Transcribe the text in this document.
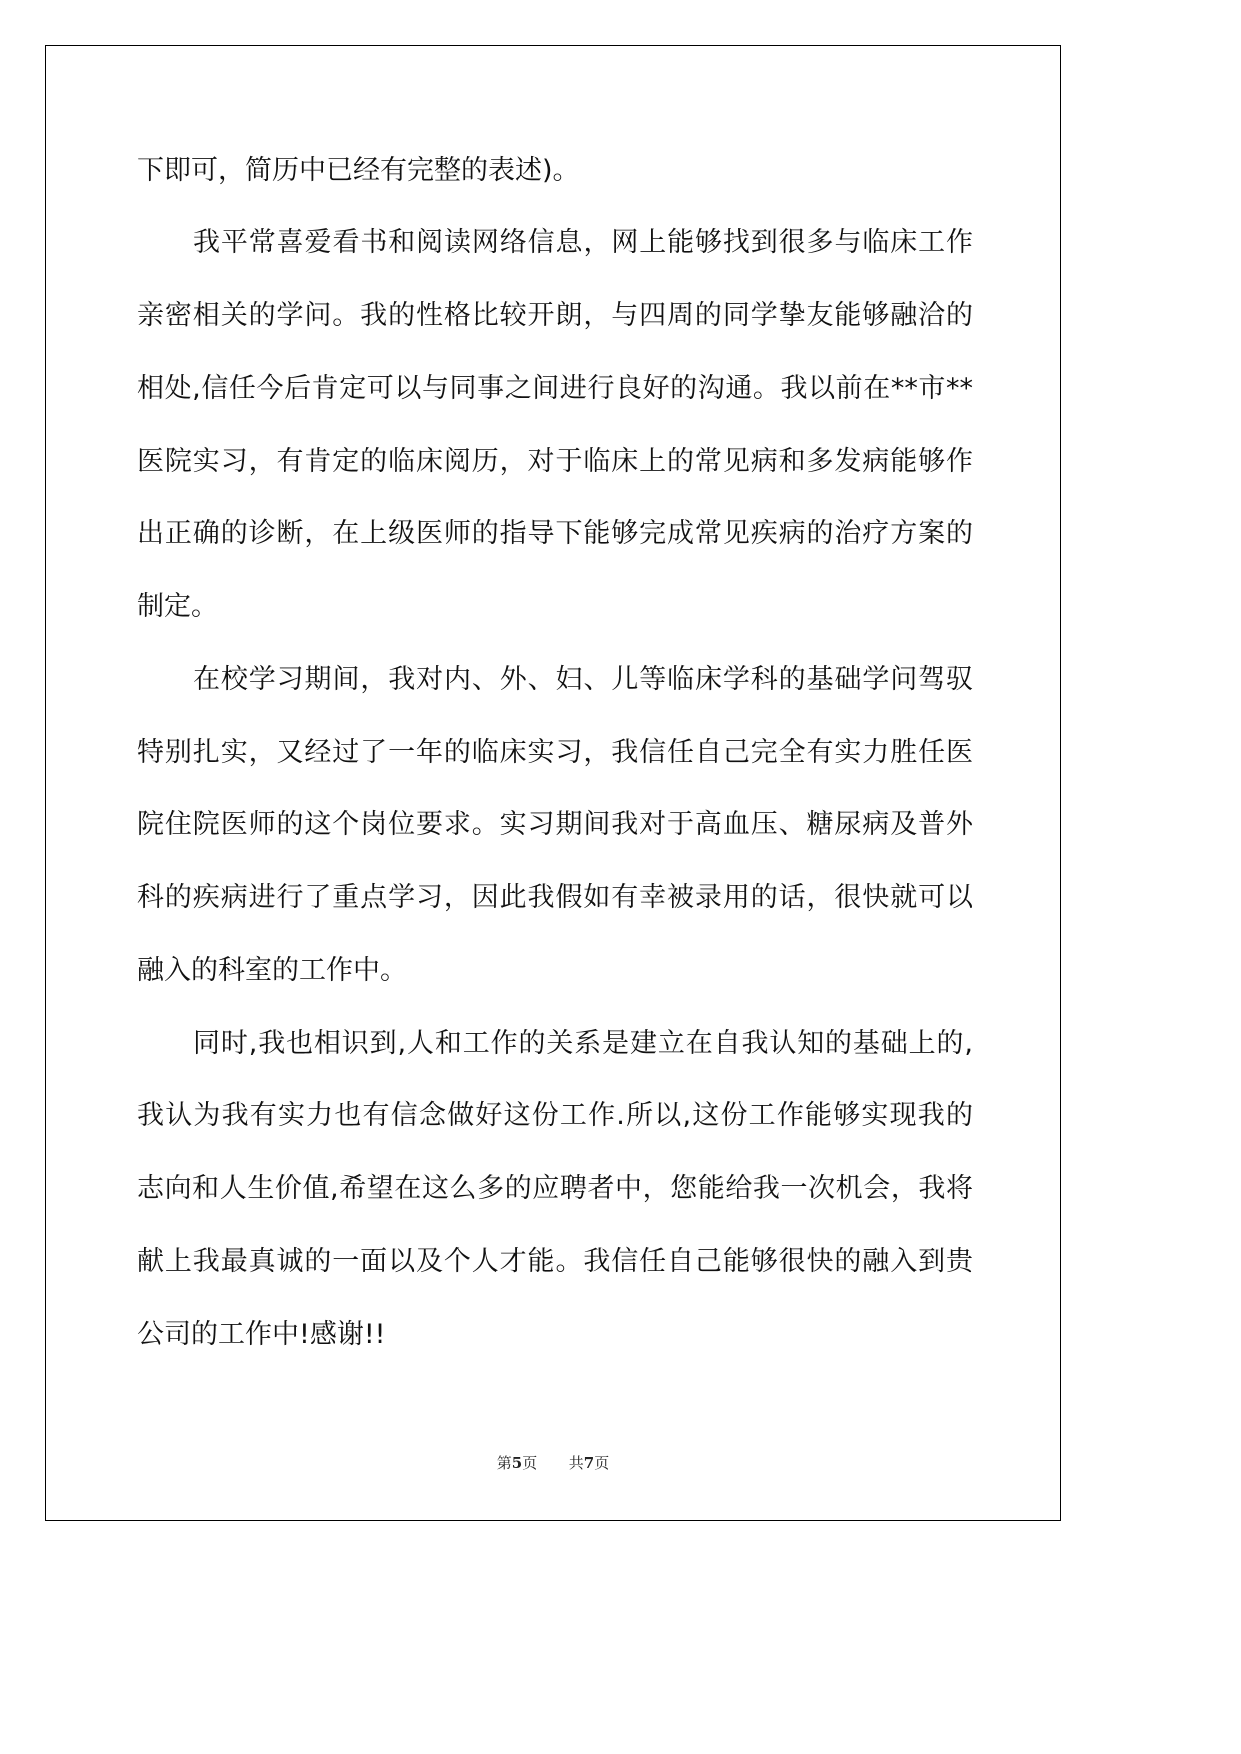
下即可，简历中已经有完整的表述)。
我平常喜爱看书和阅读网络信息，网上能够找到很多与临床工作
亲密相关的学问。我的性格比较开朗，与四周的同学挚友能够融洽的
相处,信任今后肯定可以与同事之间进行良好的沟通。我以前在**市**
医院实习，有肯定的临床阅历，对于临床上的常见病和多发病能够作
出正确的诊断，在上级医师的指导下能够完成常见疾病的治疗方案的
制定。
在校学习期间，我对内、外、妇、儿等临床学科的基础学问驾驭
特别扎实，又经过了一年的临床实习，我信任自己完全有实力胜任医
院住院医师的这个岗位要求。实习期间我对于高血压、糖尿病及普外
科的疾病进行了重点学习，因此我假如有幸被录用的话，很快就可以
融入的科室的工作中。
同时,我也相识到,人和工作的关系是建立在自我认知的基础上的,
我认为我有实力也有信念做好这份工作.所以,这份工作能够实现我的
志向和人生价值,希望在这么多的应聘者中，您能给我一次机会，我将
献上我最真诚的一面以及个人才能。我信任自己能够很快的融入到贵
公司的工作中!感谢!!
第5页 共7页
